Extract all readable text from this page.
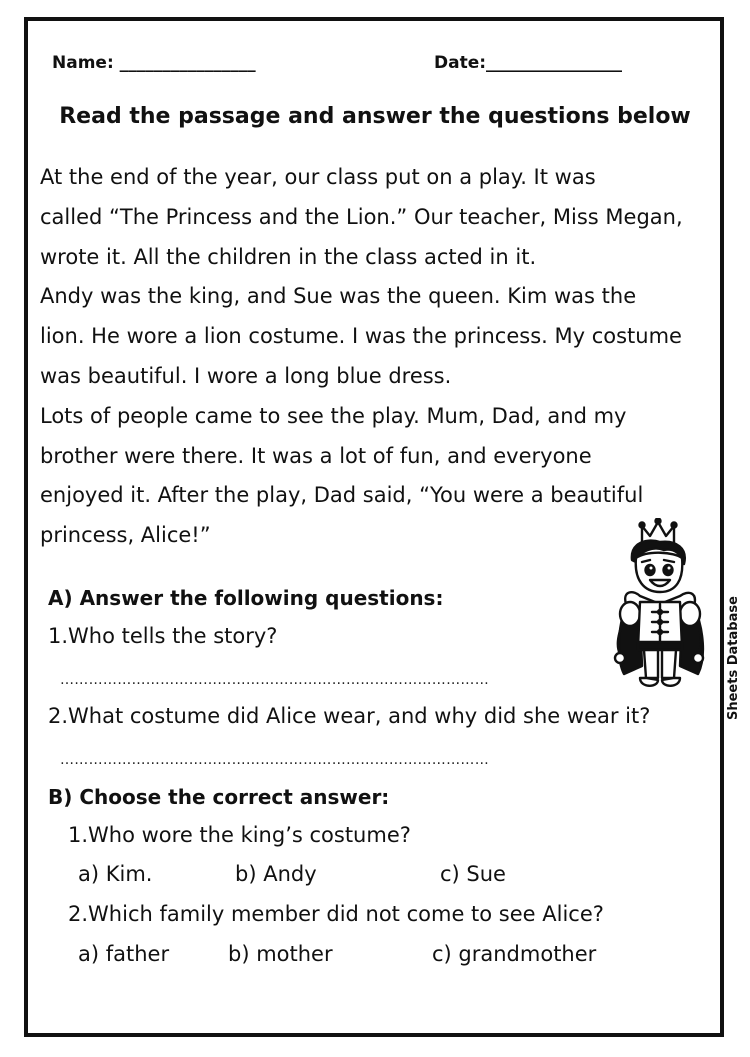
Name: ________________	Date:________________
Read the passage and answer the questions below
At the end of the year, our class put on a play. It was
called “The Princess and the Lion.” Our teacher, Miss Megan,
wrote it. All the children in the class acted in it.
Andy was the king, and Sue was the queen. Kim was the
lion. He wore a lion costume. I was the princess. My costume
was beautiful. I wore a long blue dress.
Lots of people came to see the play. Mum, Dad, and my
brother were there. It was a lot of fun, and everyone
enjoyed it. After the play, Dad said, “You were a beautiful
princess, Alice!”
A) Answer the following questions:
1.Who tells the story?
………………………………………………………………………………
2.What costume did Alice wear, and why did she wear it?
………………………………………………………………………………
B) Choose the correct answer:
1.Who wore the king’s costume?
a) Kim.	b) Andy	c) Sue
2.Which family member did not come to see Alice?
a) father	b) mother	c) grandmother
Sheets Database
